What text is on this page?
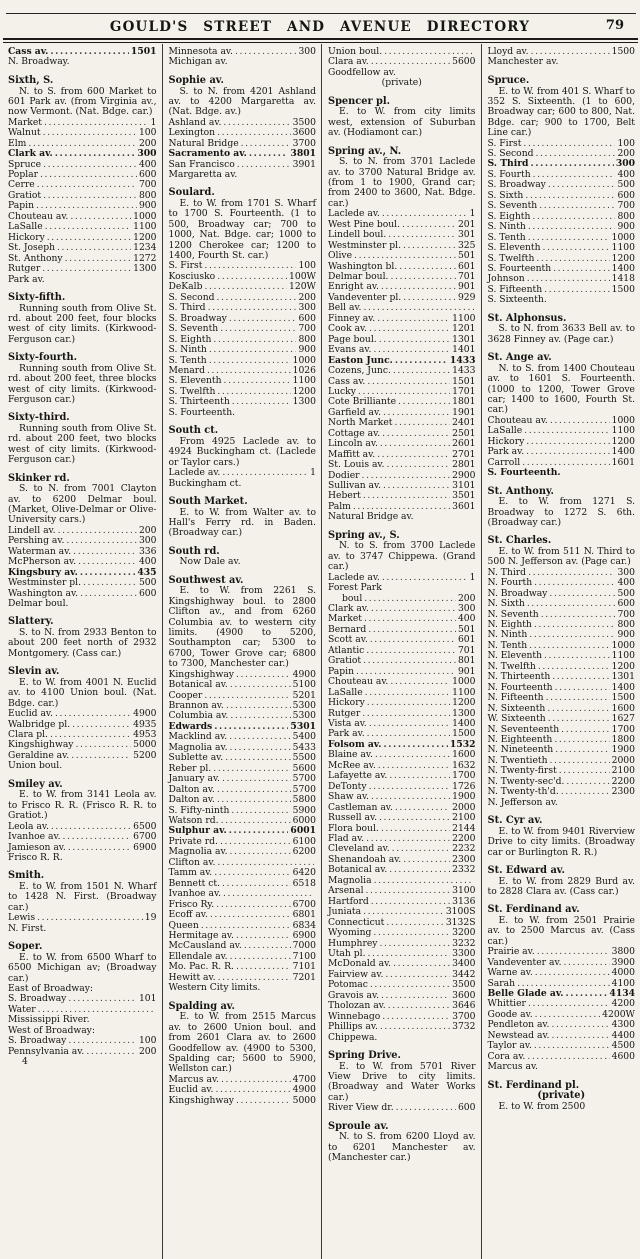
GOULD'S STREET AND AVENUE DIRECTORY	79
Cass av. .....	1501
N. Broadway.
Sixth, S.
N. to S. from 600 Market to 601 Park av. (from Virginia av., now Vermont. (Nat. Bdge. car.)
Market .....	1
Walnut .....	100
Elm .....	200
Clark av. .....	300
Spruce .....	400
Poplar .....	600
Cerre .....	700
Gratiot .....	800
Papin .....	900
Chouteau av. .....	1000
LaSalle .....	1100
Hickory .....	1200
St. Joseph .....	1234
St. Anthony .....	1272
Rutger .....	1300
Park av.
Sixty-fifth.
Running south from Olive St. rd. about 200 feet, four blocks west of city limits. (Kirkwood-Ferguson car.)
Sixty-fourth.
Running south from Olive St. rd. about 200 feet, three blocks west of city limits. (Kirkwood-Ferguson car.)
Sixty-third.
Running south from Olive St. rd. about 200 feet, two blocks west of city limits. (Kirkwood-Ferguson car.)
Skinker rd.
S. to N. from 7001 Clayton av. to 6200 Delmar boul. (Market, Olive-Delmar or Olive-University cars.)
Lindell av. .....	200
Pershing av. .....	300
Waterman av. .....	336
McPherson av. .....	400
Kingsbury av. .....	435
Westminster pl. .....	500
Washington av. .....	600
Delmar boul.
Slattery.
S. to N. from 2933 Benton to about 200 feet north of 2932 Montgomery. (Cass car.)
Slevin av.
E. to W. from 4001 N. Euclid av. to 4100 Union boul. (Nat. Bdge. car.)
Euclid av. .....	4900
Walbridge pl. .....	4935
Clara pl. .....	4953
Kingshighway .....	5000
Geraldine av. .....	5200
Union boul.
Smiley av.
E. to W. from 3141 Leola av. to Frisco R. R. (Frisco R. R. to Gratiot.)
Leola av. .....	6500
Ivanhoe av. .....	6700
Jamieson av. .....	6900
Frisco R. R.
Smith.
E. to W. from 1501 N. Wharf to 1428 N. First. (Broadway car.)
Lewis .....	19
N. First.
Soper.
E. to W. from 6500 Wharf to 6500 Michigan av; (Broadway car.)
East of Broadway:
S. Broadway .....	101
Water
.....
Mississippi River.
West of Broadway:
S. Broadway .....	100
Pennsylvania av. .....	200
4
Minnesota av. .....	300
Michigan av.
Sophie av.
S. to N. from 4201 Ashland av. to 4200 Margaretta av. (Nat. Bdge. av.)
Ashland av. .....	3500
Lexington .....	3600
Natural Bridge .....	3700
Sacramento av. .....	3801
San Francisco .....	3901
Margaretta av.
Soulard.
E. to W. from 1701 S. Wharf to 1700 S. Fourteenth. (1 to 500, Broadway car; 700 to 1000, Nat. Bdge. car; 1000 to 1200 Cherokee car; 1200 to 1400, Fourth St. car.)
S. First .....	100
Kosciusko .....	100W
DeKalb .....	120W
S. Second .....	200
S. Third .....	300
S. Broadway .....	600
S. Seventh .....	700
S. Eighth .....	800
S. Ninth .....	900
S. Tenth .....	1000
Menard .....	1026
S. Eleventh .....	1100
S. Twelfth .....	1200
S. Thirteenth .....	1300
S. Fourteenth.
South ct.
From 4925 Laclede av. to 4924 Buckingham ct. (Laclede or Taylor cars.)
Laclede av. .....	1
Buckingham ct.
South Market.
E. to W. from Walter av. to Hall's Ferry rd. in Baden. (Broadway car.)
South rd.
Now Dale av.
Southwest av.
E. to W. from 2261 S. Kingshighway boul. to 2800 Clifton av., and from 6260 Columbia av. to western city limits. (4900 to 5200, Southampton car; 5300 to 6700, Tower Grove car; 6800 to 7300, Manchester car.)
Kingshighway .....	4900
Botanical av. .....	5100
Cooper .....	5201
Brannon av. .....	5300
Columbia av. .....	5300
Edwards .....	5301
Macklind av. .....	5400
Magnolia av. .....	5433
Sublette av. .....	5500
Reber pl. .....	5600
January av. .....	5700
Dalton av. .....	5700
Dalton av. .....	5800
S. Fifty-ninth .....	5900
Watson rd. .....	6000
Sulphur av. .....	6001
Private rd. .....	6100
Magnolia av. .....	6200
Clifton av.
.....
Tamm av. .....	6420
Bennett ct. .....	6518
Ivanhoe av.
.....
Frisco Ry. .....	6700
Ecoff av. .....	6801
Queen .....	6834
Hermitage av. .....	6900
McCausland av. .....	7000
Ellendale av. .....	7100
Mo. Pac. R. R. .....	7101
Hewitt av. .....	7201
Western City limits.
Spalding av.
E. to W. from 2515 Marcus av. to 2600 Union boul. and from 2601 Clara av. to 2600 Goodfellow av. (4900 to 5300, Spalding car; 5600 to 5900, Wellston car.)
Marcus av. .....	4700
Euclid av. .....	4900
Kingshighway .....	5000
Union boul.
.....
Clara av. .....	5600
Goodfellow av.
(private)
Spencer pl.
E. to W. from city limits west, extension of Suburban av. (Hodiamont car.)
Spring av., N.
S. to N. from 3701 Laclede av. to 3700 Natural Bridge av. (from 1 to 1900, Grand car; from 2400 to 3600, Nat. Bdge. car.)
Laclede av. .....	1
West Pine boul. .....	201
Lindell boul. .....	301
Westminster pl. .....	325
Olive .....	501
Washington bl. .....	601
Delmar boul. .....	701
Enright av. .....	901
Vandeventer pl. .....	929
Bell av.
.....
Finney av. .....	1100
Cook av. .....	1201
Page boul. .....	1301
Evans av. .....	1401
Easton Junc. .....	1433
Cozens, Junc. .....	1433
Cass av. .....	1501
Lucky .....	1701
Cote Brilliante .....	1801
Garfield av. .....	1901
North Market .....	2401
Cottage av. .....	2501
Lincoln av. .....	2601
Maffitt av. .....	2701
St. Louis av. .....	2801
Dodier .....	2900
Sullivan av. .....	3101
Hebert .....	3501
Palm .....	3601
Natural Bridge av.
Spring av., S.
N. to S. from 3700 Laclede av. to 3747 Chippewa. (Grand car.)
Laclede av. .....	1
Forest Park
boul .....	200
Clark av. .....	300
Market .....	400
Bernard .....	501
Scott av. .....	601
Atlantic .....	701
Gratiot .....	801
Papin .....	901
Chouteau av. .....	1000
LaSalle .....	1100
Hickory .....	1200
Rutger .....	1300
Vista av. .....	1400
Park av. .....	1500
Folsom av. .....	1532
Blaine av. .....	1600
McRee av. .....	1632
Lafayette av. .....	1700
DeTonty .....	1726
Shaw av. .....	1900
Castleman av. .....	2000
Russell av. .....	2100
Flora boul. .....	2144
Flad av. .....	2200
Cleveland av. .....	2232
Shenandoah av. .....	2300
Botanical av. .....	2332
Magnolia
.....
Arsenal .....	3100
Hartford .....	3136
Juniata .....	3100S
Connecticut .....	3132S
Wyoming .....	3200
Humphrey .....	3232
Utah pl. .....	3300
McDonald av. .....	3400
Fairview av. .....	3442
Potomac .....	3500
Gravois av. .....	3600
Tholozan av. .....	3646
Winnebago .....	3700
Phillips av. .....	3732
Chippewa.
Spring Drive.
E. to W. from 5701 River View Drive to city limits. (Broadway and Water Works car.)
River View dr. .....	600
Sproule av.
N. to S. from 6200 Lloyd av. to 6201 Manchester av. (Manchester car.)
Lloyd av. .....	1500
Manchester av.
Spruce.
E. to W. from 401 S. Wharf to 352 S. Sixteenth. (1 to 600, Broadway car; 600 to 800, Nat. Bdge. car; 900 to 1700, Belt Line car.)
S. First .....	100
S. Second .....	200
S. Third .....	300
S. Fourth .....	400
S. Broadway .....	500
S. Sixth .....	600
S. Seventh .....	700
S. Eighth .....	800
S. Ninth .....	900
S. Tenth .....	1000
S. Eleventh .....	1100
S. Twelfth .....	1200
S. Fourteenth .....	1400
Johnson .....	1418
S. Fifteenth .....	1500
S. Sixteenth.
St. Alphonsus.
S. to N. from 3633 Bell av. to 3628 Finney av. (Page car.)
St. Ange av.
N. to S. from 1400 Chouteau av. to 1601 S. Fourteenth. (1000 to 1200, Tower Grove car; 1400 to 1600, Fourth St. car.)
Chouteau av. .....	1000
LaSalle .....	1100
Hickory .....	1200
Park av. .....	1400
Carroll .....	1601
S. Fourteenth.
St. Anthony.
E. to W. from 1271 S. Broadway to 1272 S. 6th. (Broadway car.)
St. Charles.
E. to W. from 511 N. Third to 500 N. Jefferson av. (Page car.)
N. Third .....	300
N. Fourth .....	400
N. Broadway .....	500
N. Sixth .....	600
N. Seventh .....	700
N. Eighth .....	800
N. Ninth .....	900
N. Tenth .....	1000
N. Eleventh .....	1100
N. Twelfth .....	1200
N. Thirteenth .....	1301
N. Fourteenth .....	1400
N. Fifteenth .....	1500
N. Sixteenth .....	1600
W. Sixteenth .....	1627
N. Seventeenth .....	1700
N. Eighteenth .....	1800
N. Nineteenth .....	1900
N. Twentieth .....	2000
N. Twenty-first .....	2100
N. Twenty-sec'd. .....	2200
N. Twenty-th'd. .....	2300
N. Jefferson av.
St. Cyr av.
E. to W. from 9401 Riverview Drive to city limits. (Broadway car or Burlington R. R.)
St. Edward av.
E. to W. from 2829 Burd av. to 2828 Clara av. (Cass car.)
St. Ferdinand av.
E. to W. from 2501 Prairie av. to 2500 Marcus av. (Cass car.)
Prairie av. .....	3800
Vandeventer av. .....	3900
Warne av. .....	4000
Sarah .....	4100
Belle Glade av. .....	4134
Whittier .....	4200
Goode av. .....	4200W
Pendleton av. .....	4300
Newstead av. .....	4400
Taylor av. .....	4500
Cora av. .....	4600
Marcus av.
St. Ferdinand pl.
(private)
E. to W. from 2500
